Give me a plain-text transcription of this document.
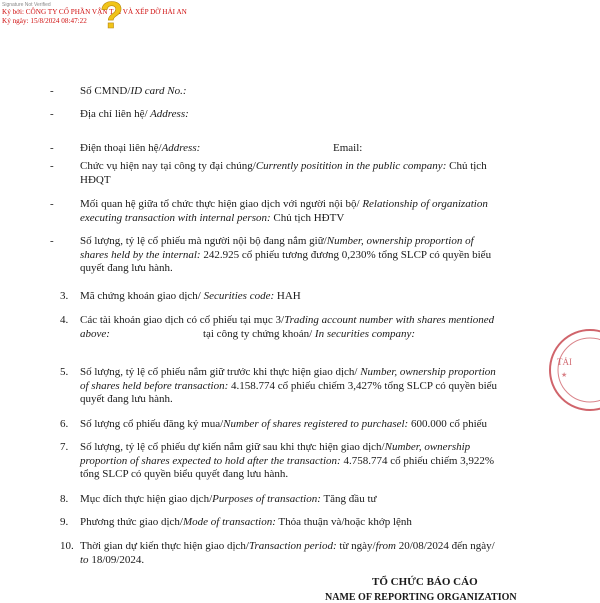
Signature Not Verified
Ký bởi: CÔNG TY CỔ PHẦN VẬN TẢI VÀ XẾP DỠ HẢI AN
Ký ngày: 15/8/2024 08:47:22 ?
- Số CMND/ID card No.:
- Địa chỉ liên hệ/ Address:
- Điện thoại liên hệ/Address:	Email:
- Chức vụ hiện nay tại công ty đại chúng/Currently positition in the public company: Chủ tịch
HĐQT
- Mối quan hệ giữa tổ chức thực hiện giao dịch với người nội bộ/ Relationship of organization
executing transaction with internal person: Chủ tịch HĐTV
- Số lượng, tỷ lệ cổ phiếu mà người nội bộ đang nắm giữ/Number, ownership proportion of
shares held by the internal: 242.925 cổ phiếu tương đương 0,230% tổng SLCP có quyền biểu
quyết đang lưu hành.
3. Mã chứng khoán giao dịch/ Securities code: HAH
4. Các tài khoản giao dịch có cổ phiếu tại mục 3/Trading account number with shares mentioned
above:	tại công ty chứng khoán/ In securities company:
5. Số lượng, tỷ lệ cổ phiếu nắm giữ trước khi thực hiện giao dịch/ Number, ownership proportion
of shares held before transaction: 4.158.774 cổ phiếu chiếm 3,427% tổng SLCP có quyền biểu
quyết đang lưu hành.
6. Số lượng cổ phiếu đăng ký mua/Number of shares registered to purchasel: 600.000 cổ phiếu
7. Số lượng, tỷ lệ cổ phiếu dự kiến nắm giữ sau khi thực hiện giao dịch/Number, ownership
proportion of shares expected to hold after the transaction: 4.758.774 cổ phiếu chiếm 3,922%
tổng SLCP có quyền biểu quyết đang lưu hành.
8. Mục đích thực hiện giao dịch/Purposes of transaction: Tăng đầu tư
9. Phương thức giao dịch/Mode of transaction: Thỏa thuận và/hoặc khớp lệnh
10. Thời gian dự kiến thực hiện giao dịch/Transaction period: từ ngày/from 20/08/2024 đến ngày/
to 18/09/2024.
TỔ CHỨC BÁO CÁO
NAME OF REPORTING ORGANIZATION
TẢI
★
